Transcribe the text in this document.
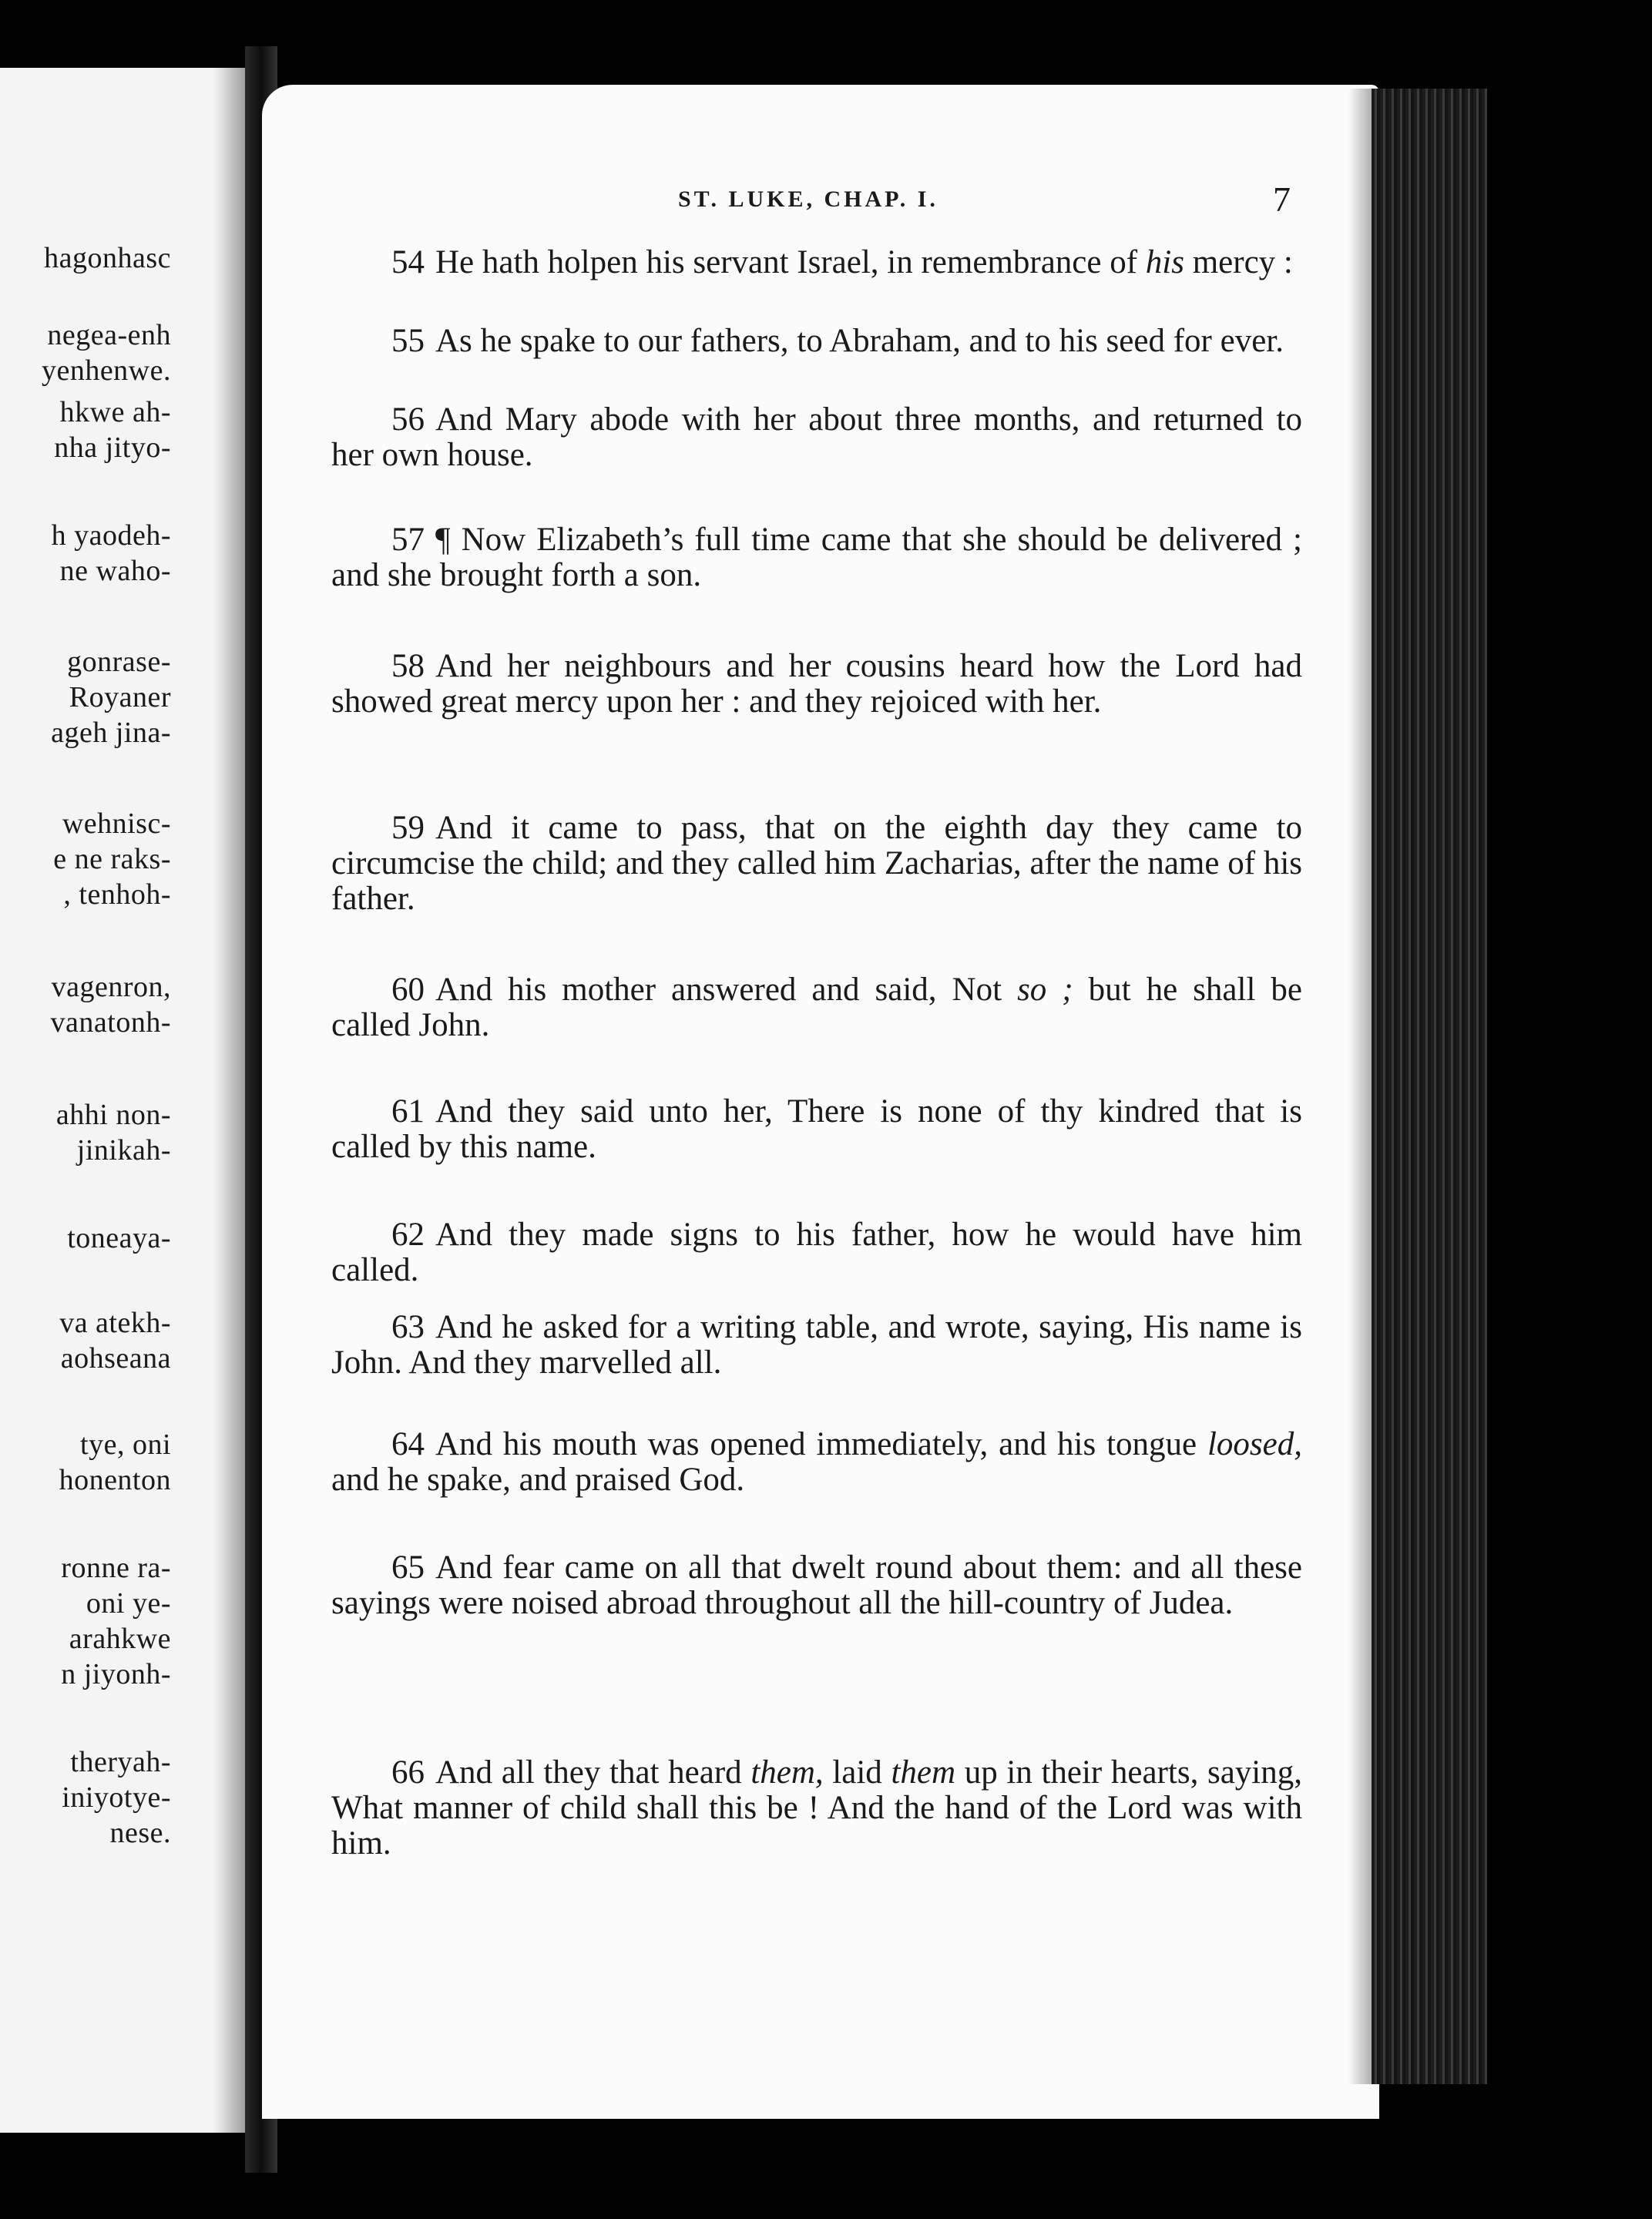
ST. LUKE, CHAP. I.	7
hagonhasc
negea-enh
yenhenwe.
hkwe ah-
nha jityo-
h yaodeh-
ne waho-
gonrase-
Royaner
ageh jina-
wehnisc-
e ne raks-
, tenhoh-
vagenron,
vanatonh-
ahhi non-
jinikah-
toneaya-
va atekh-
aohseana
tye, oni
honenton
ronne ra-
oni ye-
arahkwe
n jiyonh-
theryah-
iniyotye-
nese.

54 He hath holpen his servant Israel, in remembrance of his mercy :

55 As he spake to our fathers, to Abraham, and to his seed for ever.

56 And Mary abode with her about three months, and returned to her own house.

57 ¶ Now Elizabeth’s full time came that she should be delivered ; and she brought forth a son.

58 And her neighbours and her cousins heard how the Lord had showed great mercy upon her : and they rejoiced with her.

59 And it came to pass, that on the eighth day they came to circumcise the child; and they called him Zacharias, after the name of his father.

60 And his mother answered and said, Not so ; but he shall be called John.

61 And they said unto her, There is none of thy kindred that is called by this name.

62 And they made signs to his father, how he would have him called.

63 And he asked for a writing table, and wrote, saying, His name is John. And they marvelled all.

64 And his mouth was opened immediately, and his tongue loosed, and he spake, and praised God.

65 And fear came on all that dwelt round about them: and all these sayings were noised abroad throughout all the hill-country of Judea.

66 And all they that heard them, laid them up in their hearts, saying, What manner of child shall this be ! And the hand of the Lord was with him.
